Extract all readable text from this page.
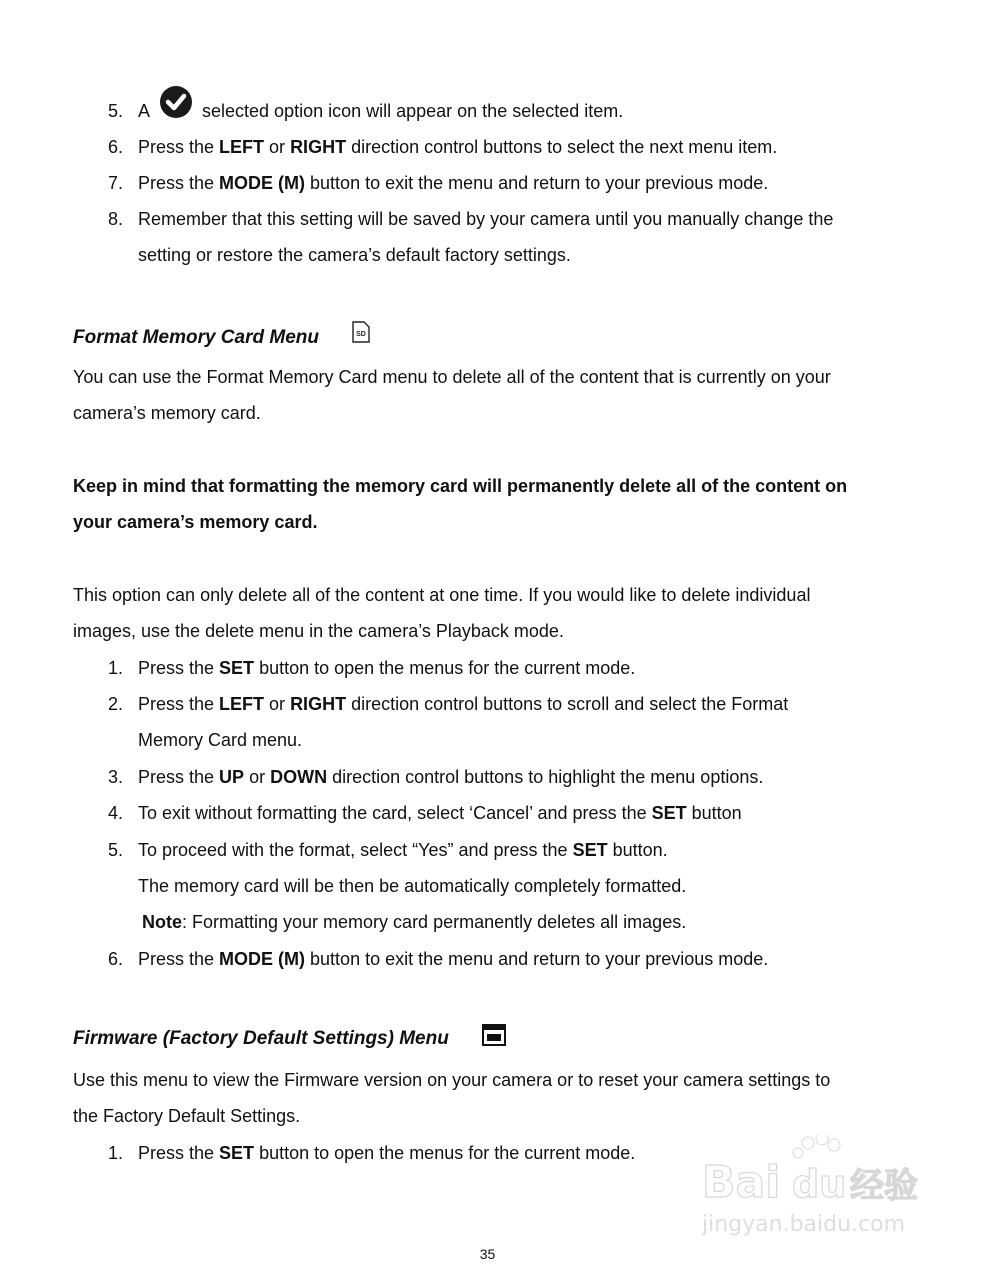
5. A	selected option icon will appear on the selected item.
6. Press the LEFT or RIGHT direction control buttons to select the next menu item.
7. Press the MODE (M) button to exit the menu and return to your previous mode.
8. Remember that this setting will be saved by your camera until you manually change the
setting or restore the camera’s default factory settings.
Format Memory Card Menu	SD
You can use the Format Memory Card menu to delete all of the content that is currently on your
camera’s memory card.
Keep in mind that formatting the memory card will permanently delete all of the content on
your camera’s memory card.
This option can only delete all of the content at one time. If you would like to delete individual
images, use the delete menu in the camera’s Playback mode.
1. Press the SET button to open the menus for the current mode.
2. Press the LEFT or RIGHT direction control buttons to scroll and select the Format
Memory Card menu.
3. Press the UP or DOWN direction control buttons to highlight the menu options.
4. To exit without formatting the card, select ‘Cancel’ and press the SET button
5. To proceed with the format, select “Yes” and press the SET button.
The memory card will be then be automatically completely formatted.
Note: Formatting your memory card permanently deletes all images.
6. Press the MODE (M) button to exit the menu and return to your previous mode.
Firmware (Factory Default Settings) Menu
Use this menu to view the Firmware version on your camera or to reset your camera settings to
the Factory Default Settings.
1. Press the SET button to open the menus for the current mode.
Bai du 经验
jingyan.baidu.com
35
